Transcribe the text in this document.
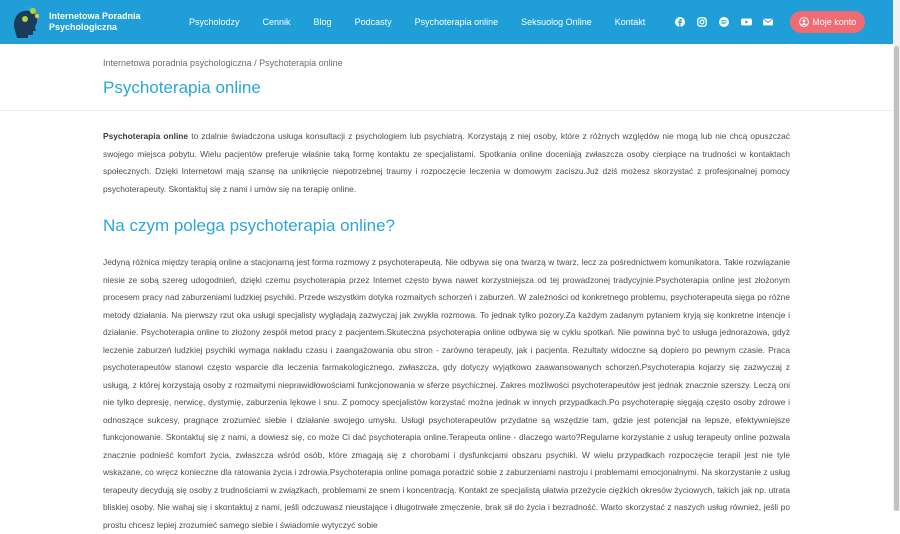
Internetowa Poradnia
Psychologiczna	Psycholodzy	Cennik	Blog	Podcasty	Psychoterapia online	Seksuolog Online	Kontakt	Moje konto
Internetowa poradnia psychologiczna / Psychoterapia online
Psychoterapia online

Psychoterapia online to zdalnie świadczona usługa konsultacji z psychologiem lub psychiatrą. Korzystają z niej osoby, które z różnych względów nie mogą lub nie chcą opuszczać swojego miejsca pobytu. Wielu pacjentów preferuje właśnie taką formę kontaktu ze specjalistami. Spotkania online doceniają zwłaszcza osoby cierpiące na trudności w kontaktach społecznych. Dzięki Internetowi mają szansę na uniknięcie niepotrzebnej traumy i rozpoczęcie leczenia w domowym zaciszu.Już dziś możesz skorzystać z profesjonalnej pomocy psychoterapeuty. Skontaktuj się z nami i umów się na terapię online.

Na czym polega psychoterapia online?

Jedyną różnica między terapią online a stacjonarną jest forma rozmowy z psychoterapeutą. Nie odbywa się ona twarzą w twarz, lecz za pośrednictwem komunikatora. Takie rozwiązanie niesie ze sobą szereg udogodnień, dzięki czemu psychoterapia przez Internet często bywa nawet korzystniejsza od tej prowadzonej tradycyjnie.Psychoterapia online jest złożonym procesem pracy nad zaburzeniami ludzkiej psychiki. Przede wszystkim dotyka rozmaitych schorzeń i zaburzeń. W zależności od konkretnego problemu, psychoterapeuta sięga po różne metody działania. Na pierwszy rzut oka usługi specjalisty wyglądają zazwyczaj jak zwykła rozmowa. To jednak tylko pozory.Za każdym zadanym pytaniem kryją się konkretne intencje i działanie. Psychoterapia online to złożony zespół metod pracy z pacjentem.Skuteczna psychoterapia online odbywa się w cyklu spotkań. Nie powinna być to usługa jednorazowa, gdyż leczenie zaburzeń ludzkiej psychiki wymaga nakładu czasu i zaangażowania obu stron - zarówno terapeuty, jak i pacjenta. Rezultaty widoczne są dopiero po pewnym czasie. Praca psychoterapeutów stanowi często wsparcie dla leczenia farmakologicznego, zwłaszcza, gdy dotyczy wyjątkowo zaawansowanych schorzeń.Psychoterapia kojarzy się zazwyczaj z usługą, z której korzystają osoby z rozmaitymi nieprawidłowościami funkcjonowania w sferze psychicznej. Zakres możliwości psychoterapeutów jest jednak znacznie szerszy. Leczą oni nie tylko depresję, nerwicę, dystymię, zaburzenia lękowe i snu. Z pomocy specjalistów korzystać można jednak w innych przypadkach.Po psychoterapię sięgają często osoby zdrowe i odnoszące sukcesy, pragnące zrozumieć siebie i działanie swojego umysłu. Usługi psychoterapeutów przydatne są wszędzie tam, gdzie jest potencjał na lepsze, efektywniejsze funkcjonowanie. Skontaktuj się z nami, a dowiesz się, co może Ci dać psychoterapia online.Terapeuta online - dlaczego warto?Regularne korzystanie z usług terapeuty online pozwala znacznie podnieść komfort życia, zwłaszcza wśród osób, które zmagają się z chorobami i dysfunkcjami obszaru psychiki. W wielu przypadkach rozpoczęcie terapii jest nie tyle wskazane, co wręcz konieczne dla ratowania życia i zdrowia.Psychoterapia online pomaga poradzić sobie z zaburzeniami nastroju i problemami emocjonalnymi. Na skorzystanie z usług terapeuty decydują się osoby z trudnościami w związkach, problemami ze snem i koncentracją. Kontakt ze specjalistą ułatwia przeżycie ciężkich okresów życiowych, takich jak np. utrata bliskiej osoby. Nie wahaj się i skontaktuj z nami, jeśli odczuwasz nieustające i długotrwałe zmęczenie, brak sił do życia i bezradność. Warto skorzystać z naszych usług również, jeśli po prostu chcesz lepiej zrozumieć samego siebie i świadomie wytyczyć sobie
